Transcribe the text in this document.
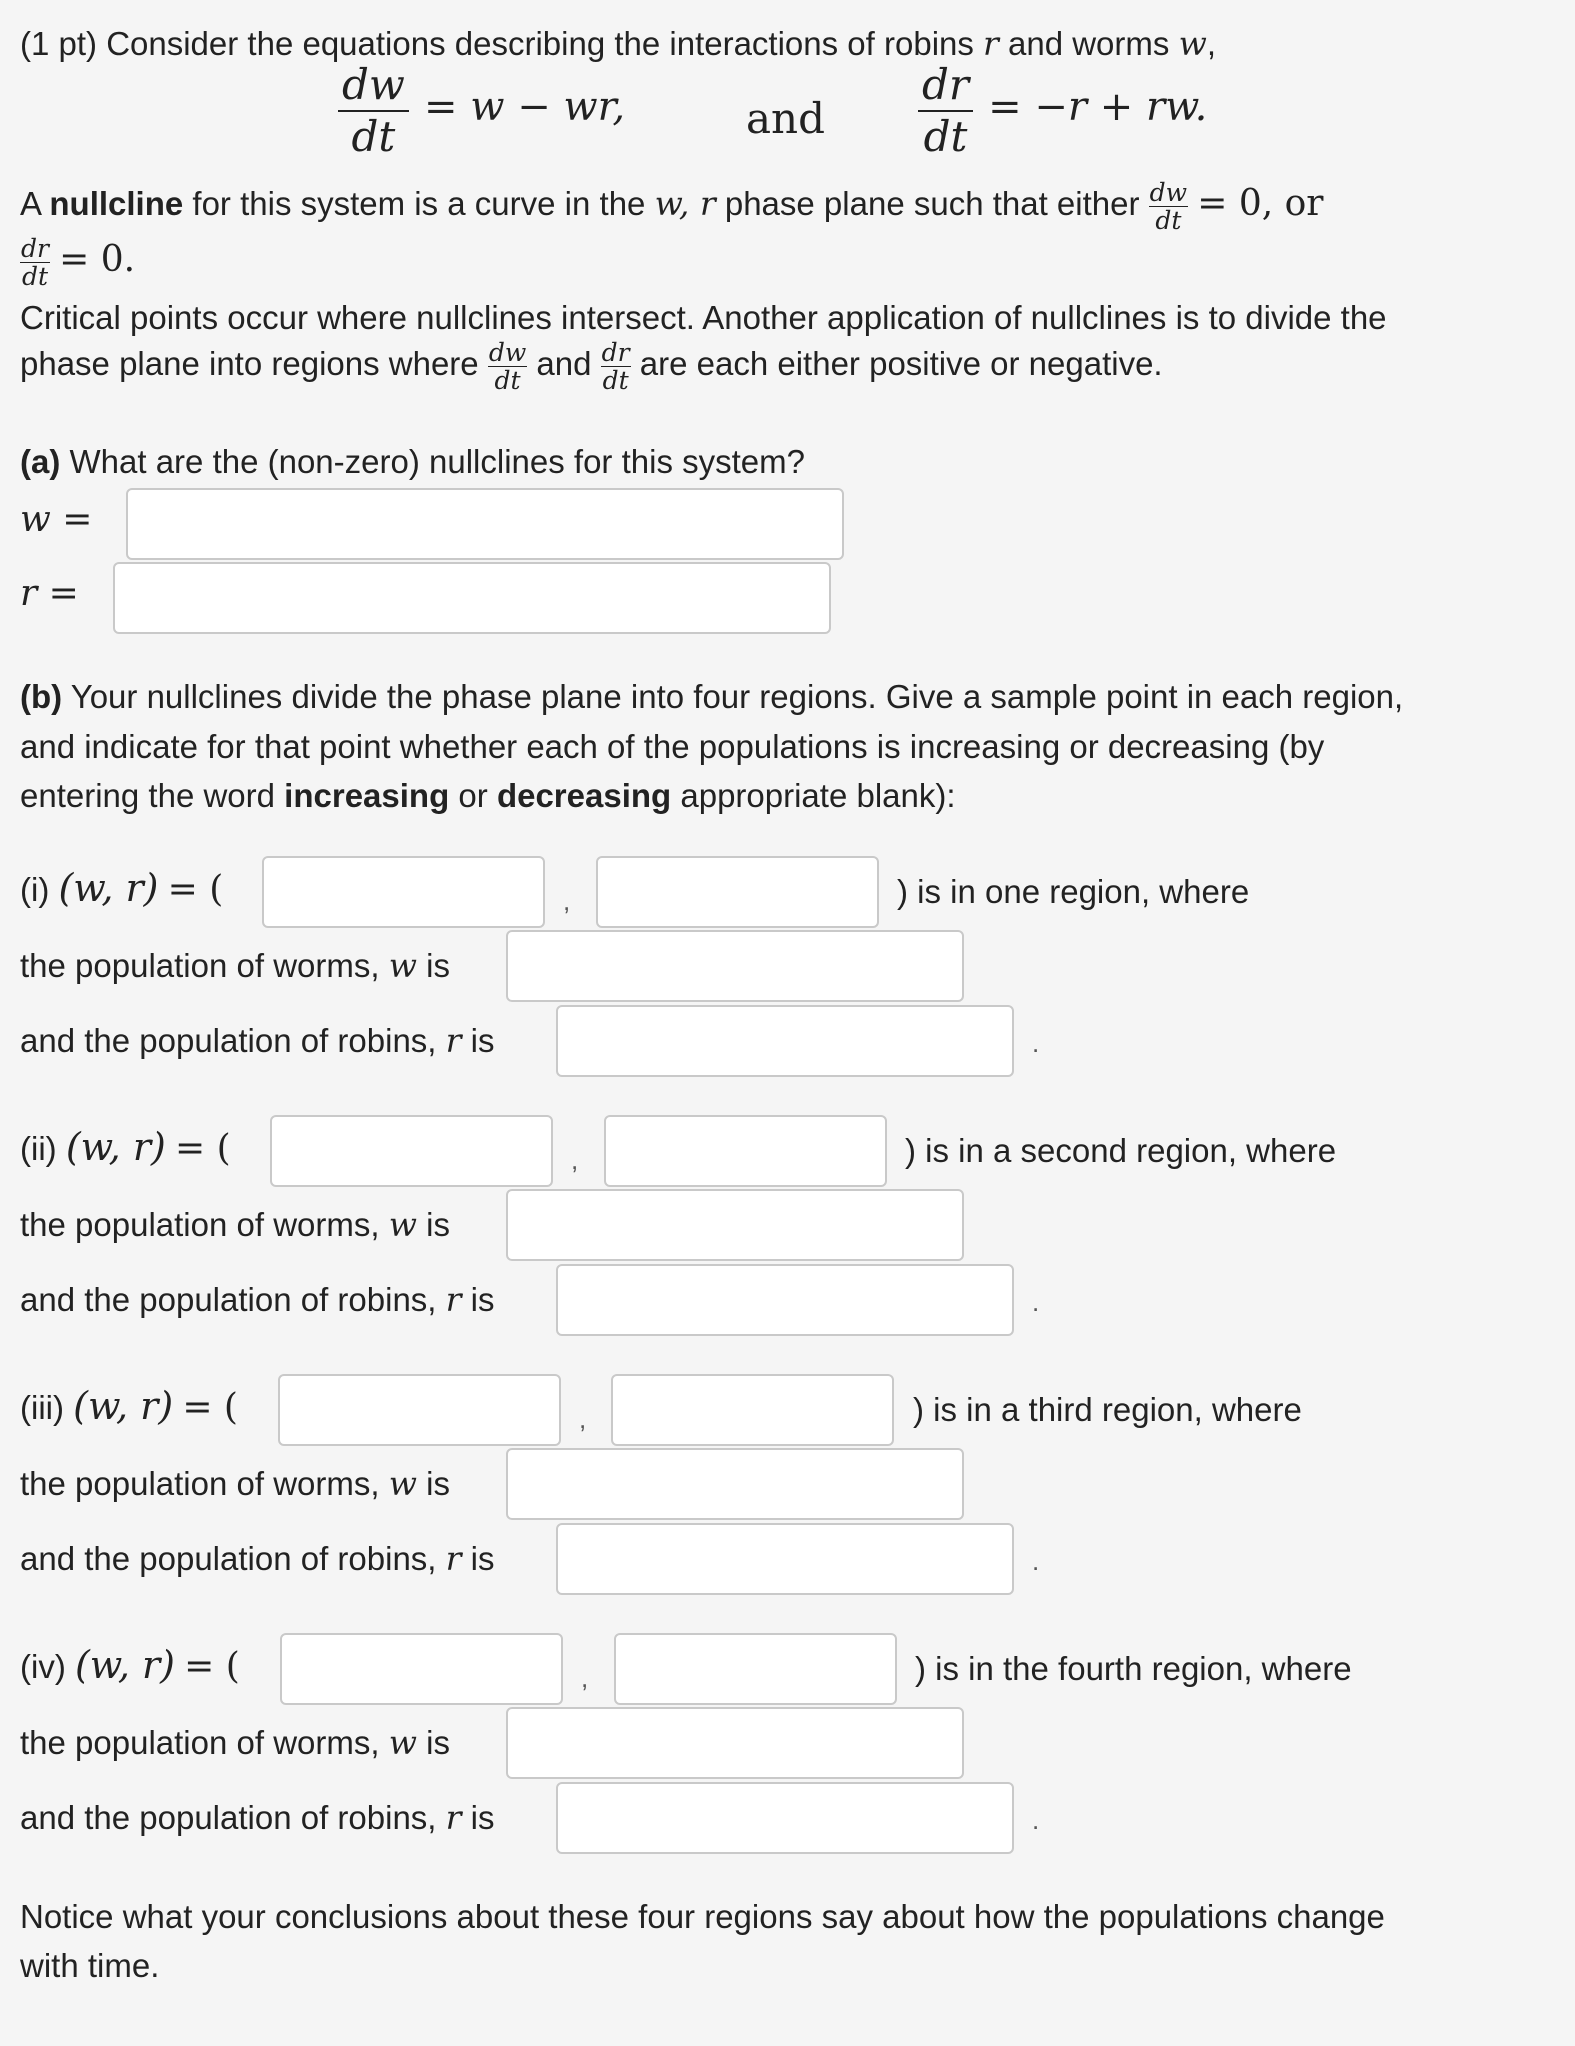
(1 pt) Consider the equations describing the interactions of robins r and worms w,
$\frac{dw}{dt} = w$ − wr,	and $\frac{dr}{dt} = -r$ + rw.
A nullcline for this system is a curve in the w, r phase plane such that either $\frac{dw}{dt} = 0$, or
$\frac{dr}{dt} = 0$.
Critical points occur where nullclines intersect. Another application of nullclines is to divide the
phase plane into regions where $\frac{dw}{dt}$ and $\frac{dr}{dt}$ are each either positive or negative.
(a) What are the (non-zero) nullclines for this system?
w =
r =
(b) Your nullclines divide the phase plane into four regions. Give a sample point in each region,
and indicate for that point whether each of the populations is increasing or decreasing (by
entering the word increasing or decreasing appropriate blank):
(i) (w, r) = (	,	) is in one region, where
the population of worms, w is
and the population of robins, r is	.
(ii) (w, r) = (	,	) is in a second region, where
the population of worms, w is
and the population of robins, r is	.
(iii) (w, r) = (	,	) is in a third region, where
the population of worms, w is
and the population of robins, r is	.
(iv) (w, r) = (	,	) is in the fourth region, where
the population of worms, w is
and the population of robins, r is	.
Notice what your conclusions about these four regions say about how the populations change
with time.
